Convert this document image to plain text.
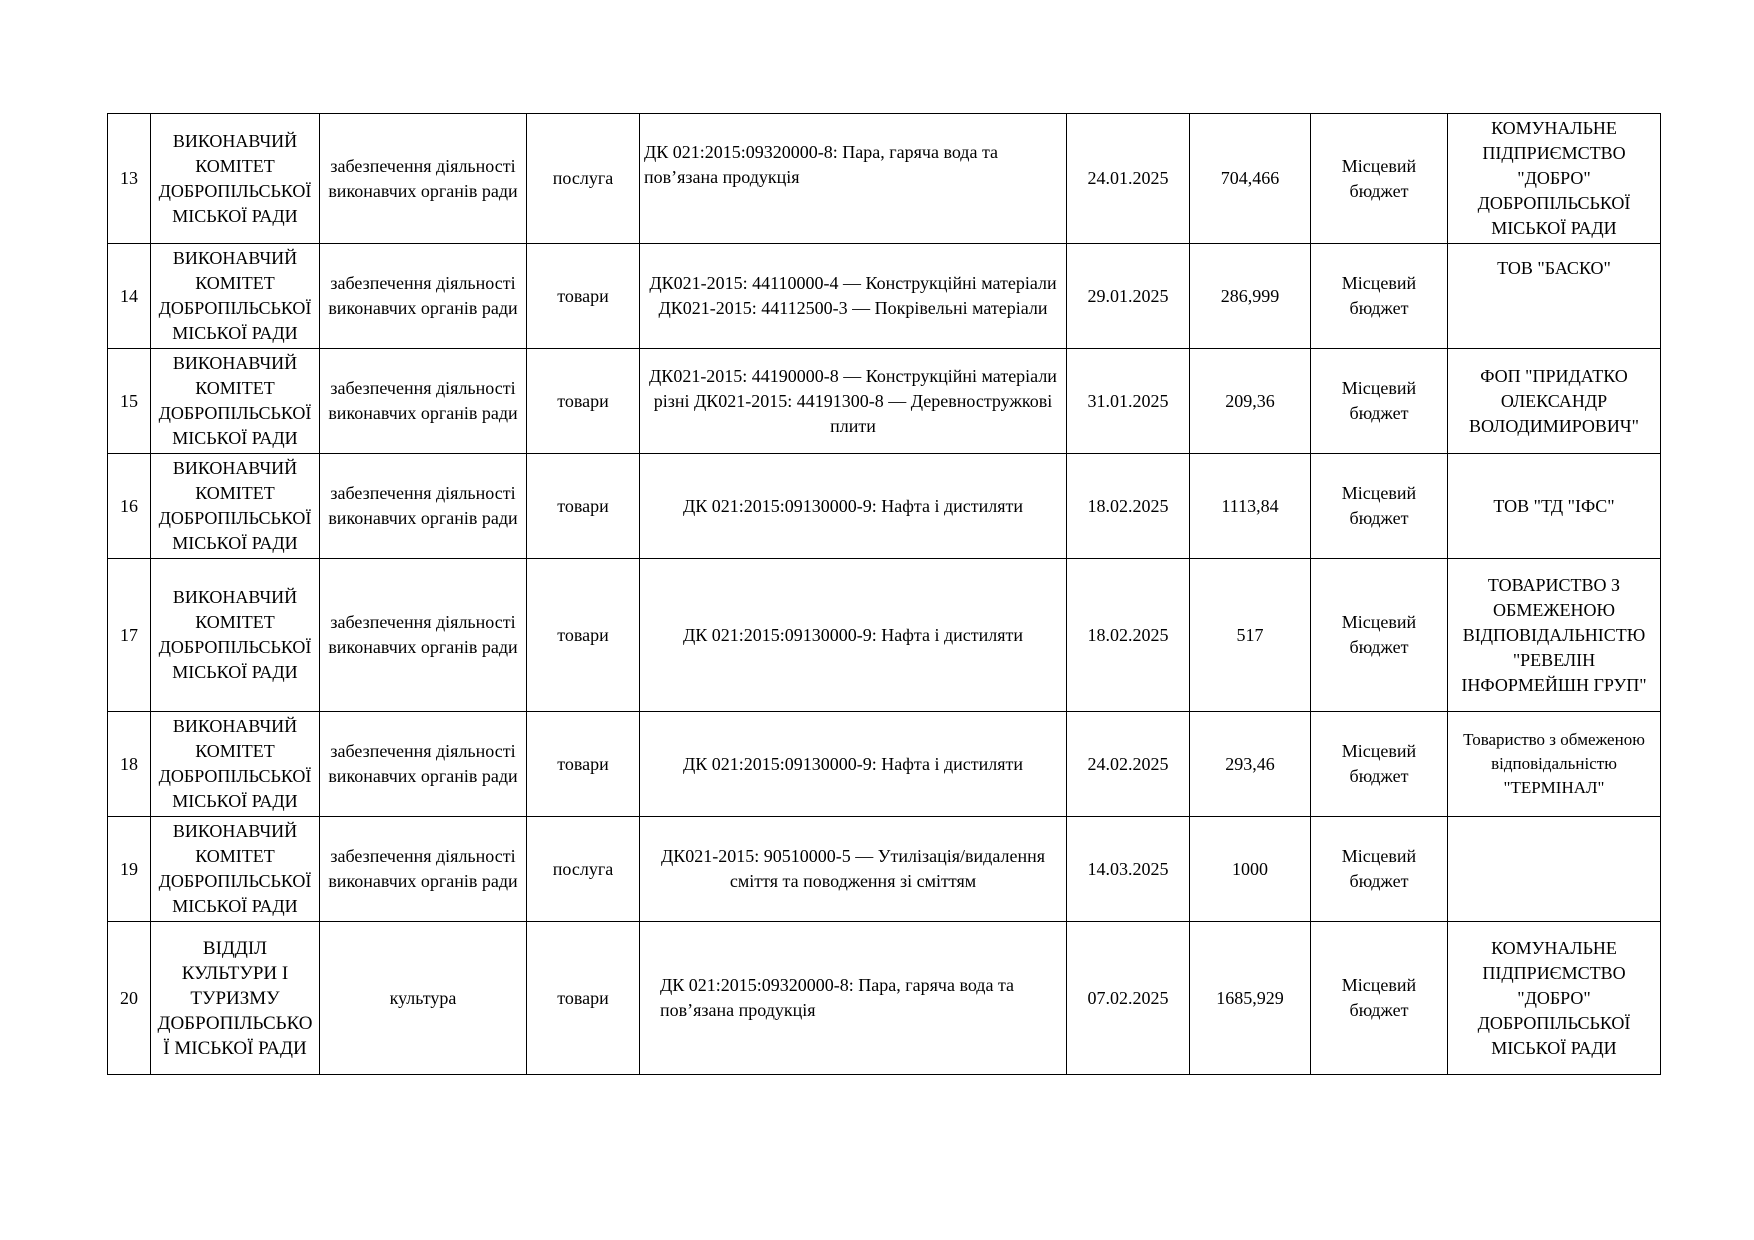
13	ВИКОНАВЧИЙ КОМІТЕТ ДОБРОПІЛЬСЬКОЇ МІСЬКОЇ РАДИ	забезпечення діяльності виконавчих органів ради	послуга	ДК 021:2015:09320000-8: Пара, гаряча вода та пов’язана продукція	24.01.2025	704,466	Місцевий бюджет	КОМУНАЛЬНЕ ПІДПРИЄМСТВО "ДОБРО" ДОБРОПІЛЬСЬКОЇ МІСЬКОЇ РАДИ
14	ВИКОНАВЧИЙ КОМІТЕТ ДОБРОПІЛЬСЬКОЇ МІСЬКОЇ РАДИ	забезпечення діяльності виконавчих органів ради	товари	ДК021-2015: 44110000-4 — Конструкційні матеріали ДК021-2015: 44112500-3 — Покрівельні матеріали	29.01.2025	286,999	Місцевий бюджет	ТОВ "БАСКО"
15	ВИКОНАВЧИЙ КОМІТЕТ ДОБРОПІЛЬСЬКОЇ МІСЬКОЇ РАДИ	забезпечення діяльності виконавчих органів ради	товари	ДК021-2015: 44190000-8 — Конструкційні матеріали різні ДК021-2015: 44191300-8 — Деревностружкові плити	31.01.2025	209,36	Місцевий бюджет	ФОП "ПРИДАТКО ОЛЕКСАНДР ВОЛОДИМИРОВИЧ"
16	ВИКОНАВЧИЙ КОМІТЕТ ДОБРОПІЛЬСЬКОЇ МІСЬКОЇ РАДИ	забезпечення діяльності виконавчих органів ради	товари	ДК 021:2015:09130000-9: Нафта і дистиляти	18.02.2025	1113,84	Місцевий бюджет	ТОВ "ТД "ІФС"
17	ВИКОНАВЧИЙ КОМІТЕТ ДОБРОПІЛЬСЬКОЇ МІСЬКОЇ РАДИ	забезпечення діяльності виконавчих органів ради	товари	ДК 021:2015:09130000-9: Нафта і дистиляти	18.02.2025	517	Місцевий бюджет	ТОВАРИСТВО З ОБМЕЖЕНОЮ ВІДПОВІДАЛЬНІСТЮ "РЕВЕЛІН ІНФОРМЕЙШН ГРУП"
18	ВИКОНАВЧИЙ КОМІТЕТ ДОБРОПІЛЬСЬКОЇ МІСЬКОЇ РАДИ	забезпечення діяльності виконавчих органів ради	товари	ДК 021:2015:09130000-9: Нафта і дистиляти	24.02.2025	293,46	Місцевий бюджет	Товариство з обмеженою відповідальністю "ТЕРМІНАЛ"
19	ВИКОНАВЧИЙ КОМІТЕТ ДОБРОПІЛЬСЬКОЇ МІСЬКОЇ РАДИ	забезпечення діяльності виконавчих органів ради	послуга	ДК021-2015: 90510000-5 — Утилізація/видалення сміття та поводження зі сміттям	14.03.2025	1000	Місцевий бюджет	
20	ВІДДІЛ КУЛЬТУРИ І ТУРИЗМУ ДОБРОПІЛЬСЬКОЇ МІСЬКОЇ РАДИ	культура	товари	ДК 021:2015:09320000-8: Пара, гаряча вода та пов’язана продукція	07.02.2025	1685,929	Місцевий бюджет	КОМУНАЛЬНЕ ПІДПРИЄМСТВО "ДОБРО" ДОБРОПІЛЬСЬКОЇ МІСЬКОЇ РАДИ
